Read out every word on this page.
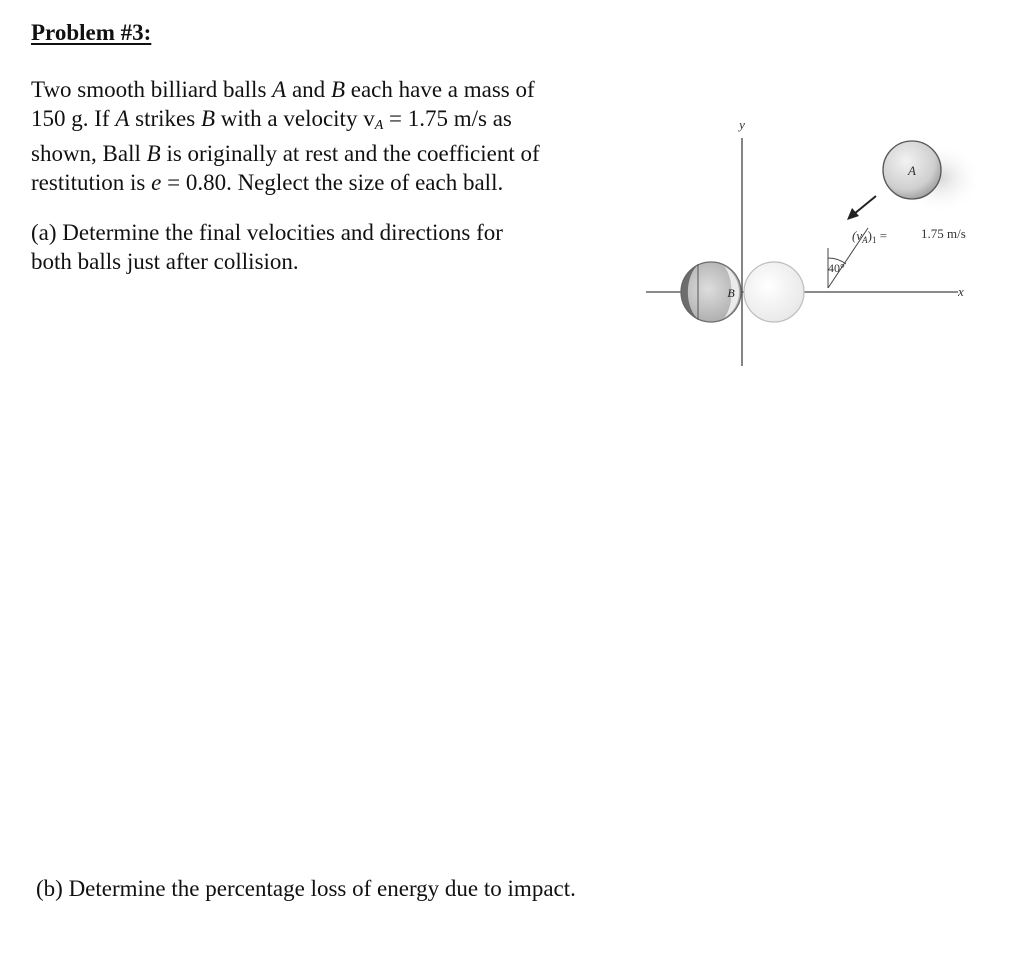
Problem #3:
Two smooth billiard balls A and B each have a mass of
150 g. If A strikes B with a velocity $v_A = 1.75$ m/s as
shown, Ball B is originally at rest and the coefficient of
restitution is e = 0.80. Neglect the size of each ball.
(a) Determine the final velocities and directions for
both balls just after collision.
(b) Determine the percentage loss of energy due to impact.
y
x
A
B
$(v_A)_1$ =	1.75 m/s
40°
